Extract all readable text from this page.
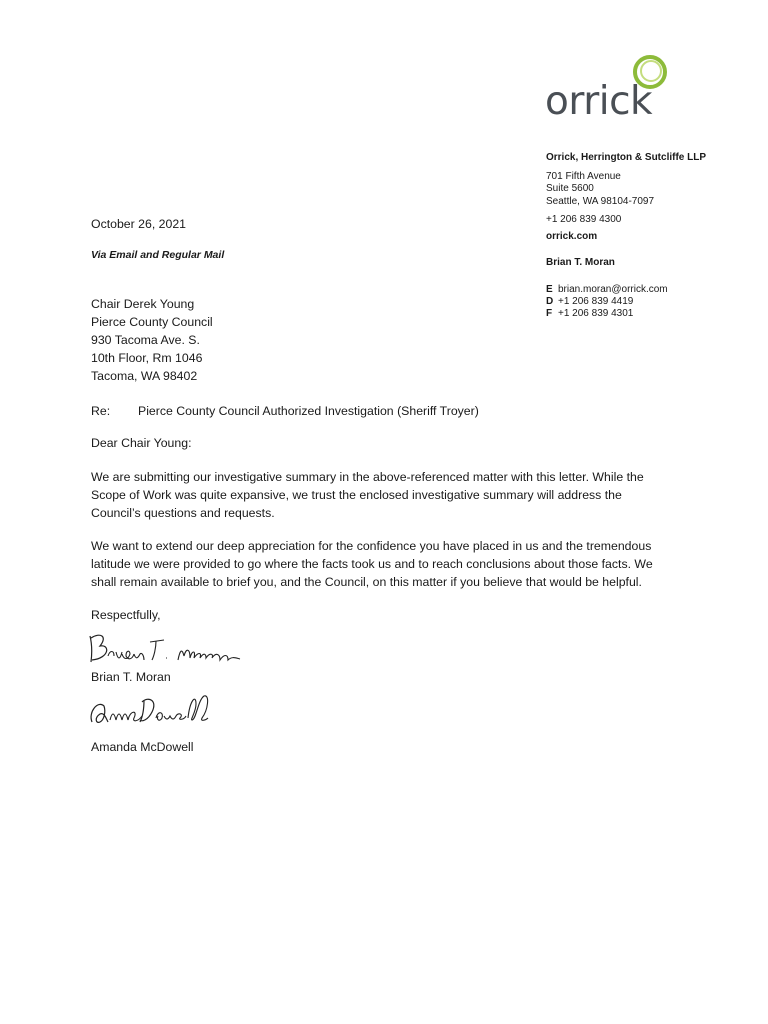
orrick
Orrick, Herrington & Sutcliffe LLP
701 Fifth Avenue
Suite 5600
Seattle, WA 98104-7097
+1 206 839 4300
orrick.com
Brian T. Moran
E brian.moran@orrick.com
D +1 206 839 4419
F +1 206 839 4301
October 26, 2021
Via Email and Regular Mail
Chair Derek Young
Pierce County Council
930 Tacoma Ave. S.
10th Floor, Rm 1046
Tacoma, WA 98402
Re: Pierce County Council Authorized Investigation (Sheriff Troyer)
Dear Chair Young:
We are submitting our investigative summary in the above-referenced matter with this letter. While the
Scope of Work was quite expansive, we trust the enclosed investigative summary will address the
Council’s questions and requests.
We want to extend our deep appreciation for the confidence you have placed in us and the tremendous
latitude we were provided to go where the facts took us and to reach conclusions about those facts. We
shall remain available to brief you, and the Council, on this matter if you believe that would be helpful.
Respectfully,
Brian T. Moran
Amanda McDowell
